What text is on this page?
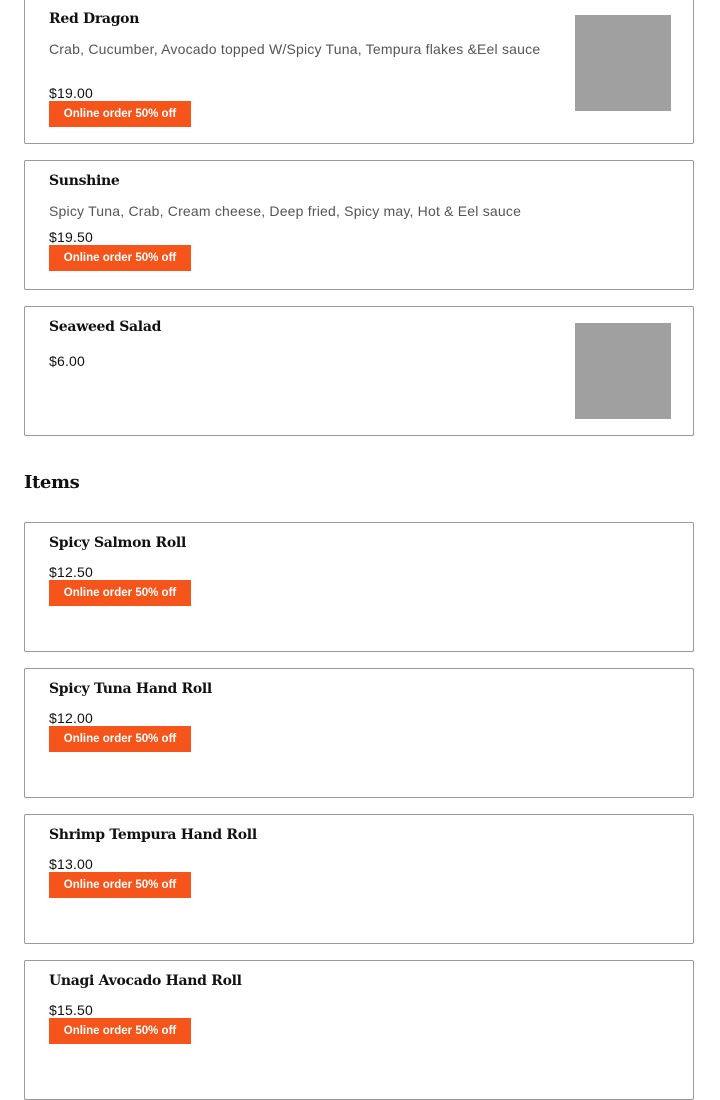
Red Dragon
Crab, Cucumber, Avocado topped W/Spicy Tuna, Tempura flakes &Eel sauce
$19.00
Online order 50% off
Sunshine
Spicy Tuna, Crab, Cream cheese, Deep fried, Spicy may, Hot & Eel sauce
$19.50
Online order 50% off
Seaweed Salad
$6.00
Items
Spicy Salmon Roll
$12.50
Online order 50% off
Spicy Tuna Hand Roll
$12.00
Online order 50% off
Shrimp Tempura Hand Roll
$13.00
Online order 50% off
Unagi Avocado Hand Roll
$15.50
Online order 50% off
